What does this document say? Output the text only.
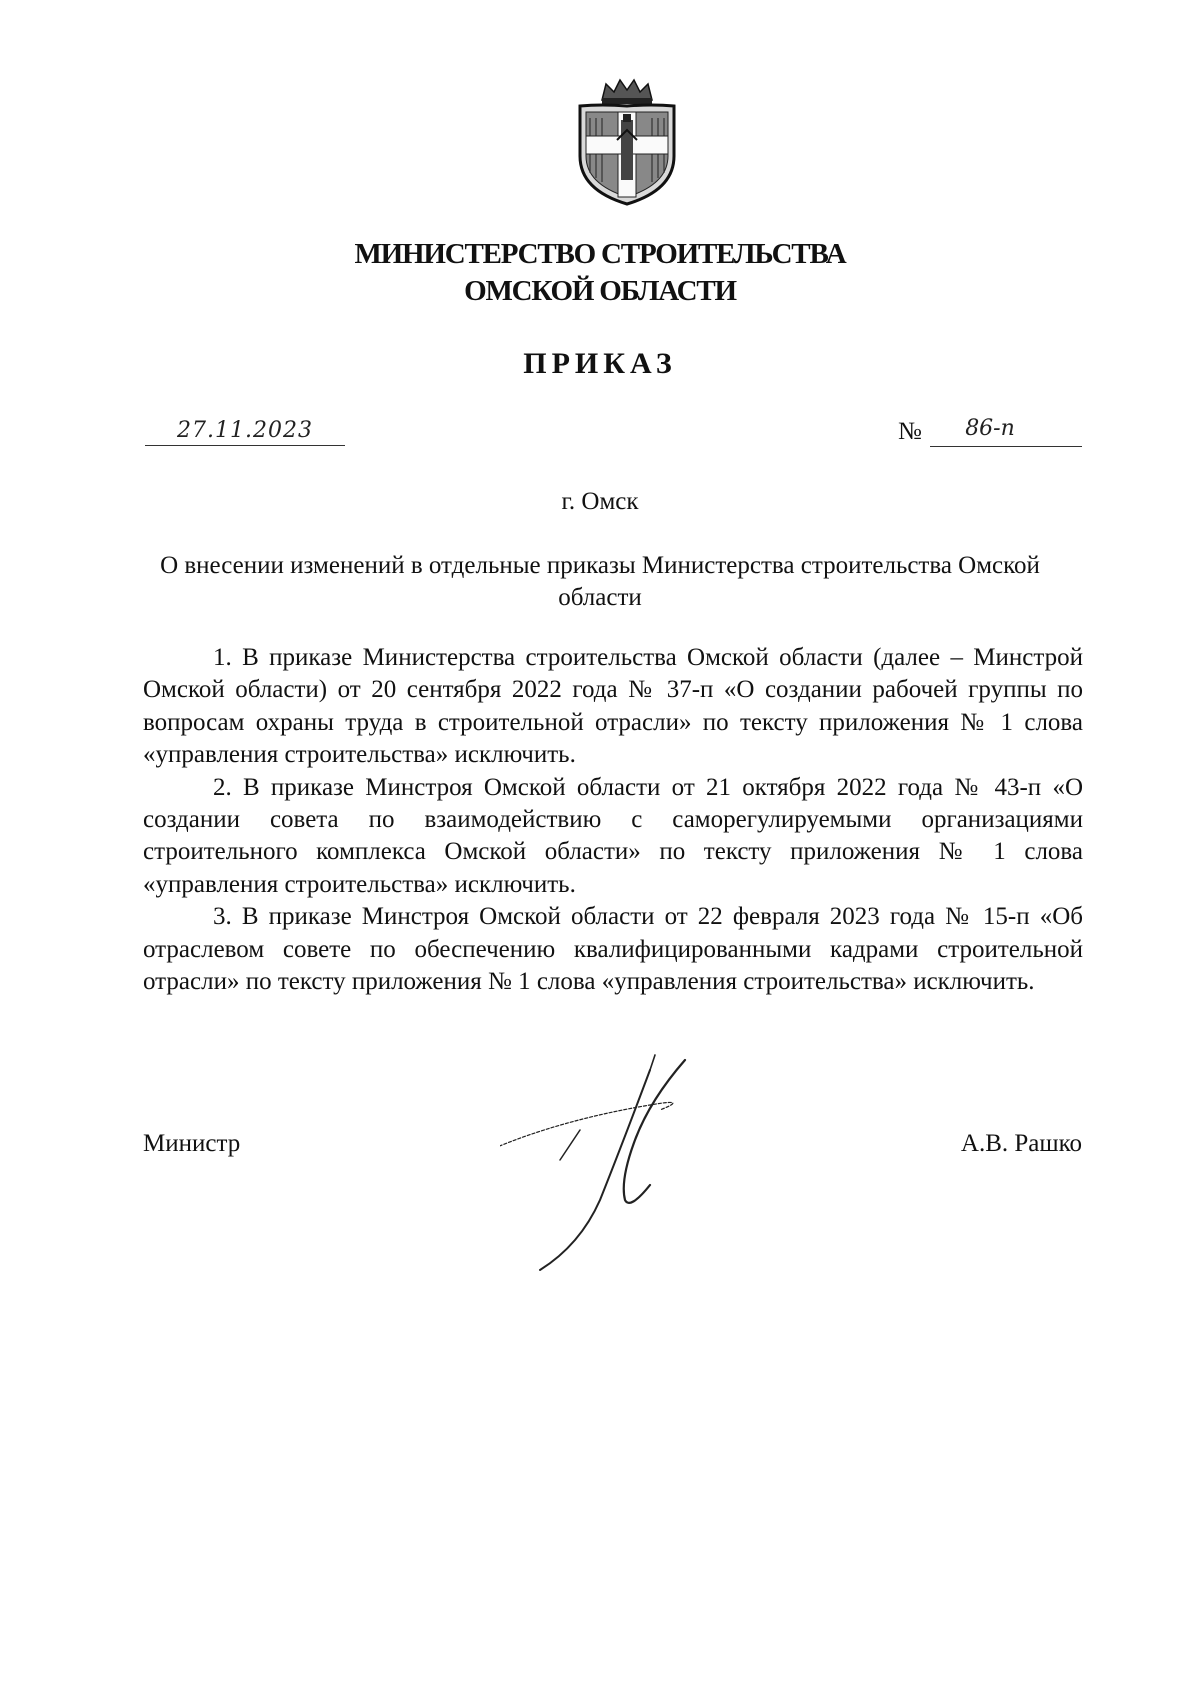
МИНИСТЕРСТВО СТРОИТЕЛЬСТВА
ОМСКОЙ ОБЛАСТИ
ПРИКАЗ
27.11.2023	№	86-п
г. Омск
О внесении изменений в отдельные приказы Министерства строительства Омской области

1. В приказе Министерства строительства Омской области (далее – Минстрой Омской области) от 20 сентября 2022 года № 37-п «О создании рабочей группы по вопросам охраны труда в строительной отрасли» по тексту приложения № 1 слова «управления строительства» исключить.

2. В приказе Минстроя Омской области от 21 октября 2022 года № 43-п «О создании совета по взаимодействию с саморегулируемыми организациями строительного комплекса Омской области» по тексту приложения № 1 слова «управления строительства» исключить.

3. В приказе Минстроя Омской области от 22 февраля 2023 года № 15-п «Об отраслевом совете по обеспечению квалифицированными кадрами строительной отрасли» по тексту приложения № 1 слова «управления строительства» исключить.

Министр	А.В. Рашко
